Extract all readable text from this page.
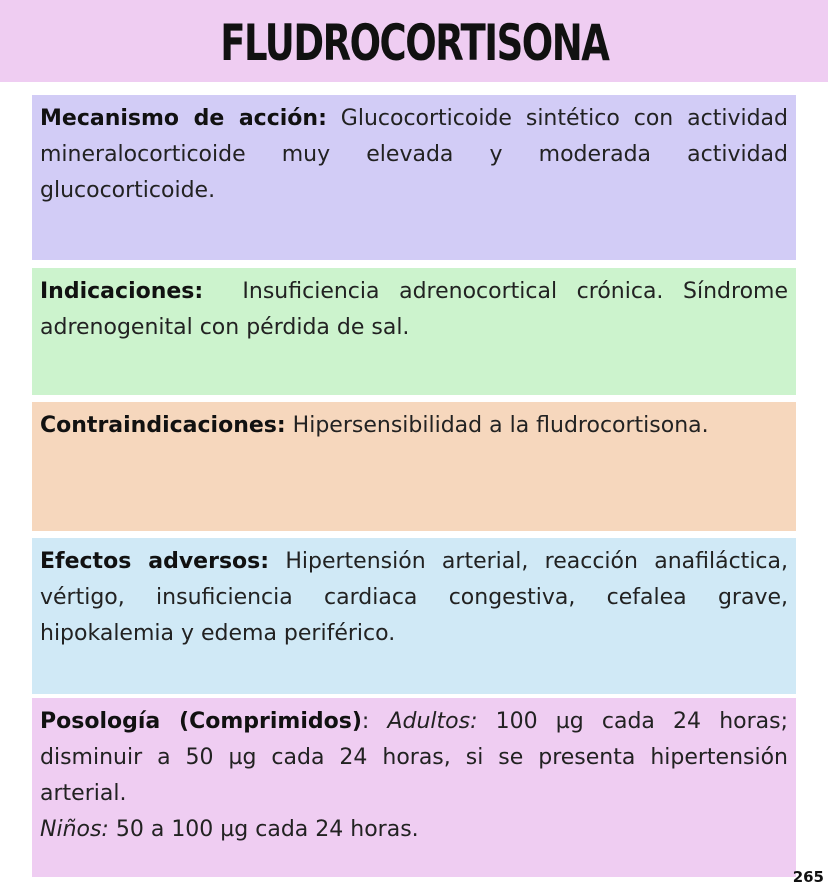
FLUDROCORTISONA
Mecanismo de acción: Glucocorticoide sintético con actividad mineralocorticoide muy elevada y moderada actividad glucocorticoide.
Indicaciones:  Insuficiencia adrenocortical crónica. Síndrome adrenogenital con pérdida de sal.
Contraindicaciones: Hipersensibilidad a la fludrocortisona.
Efectos adversos: Hipertensión arterial, reacción anafiláctica, vértigo, insuficiencia cardiaca congestiva, cefalea grave, hipokalemia y edema periférico.
Posología (Comprimidos): Adultos: 100 µg cada 24 horas; disminuir a 50 µg cada 24 horas, si se presenta hipertensión arterial.
Niños: 50 a 100 µg cada 24 horas.
265
